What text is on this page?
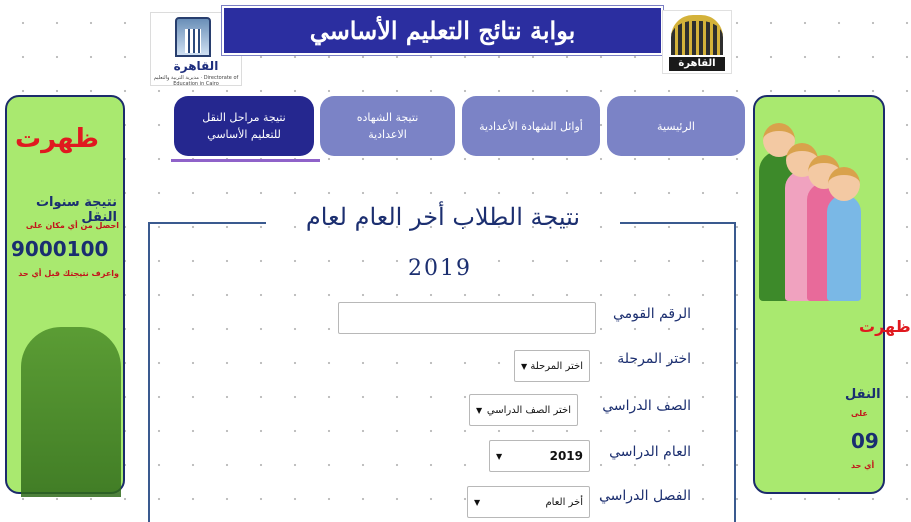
القاهرة
مديرية التربية والتعليم · Directorate of Education in Cairo
بوابة نتائج التعليم الأساسي
القاهرة
ظهرت
نتيجة سنوات النقل
احصل من أي مكان على
9000100
واعرف نتيجتك قبل أي حد
ظهرت
النقل
على
09
أي حد
الرئيسية
أوائل الشهادة الأعدادية
نتيجة الشهاده الاعدادية
نتيجة مراحل النقل للتعليم الأساسي
نتيجة الطلاب أخر العام لعام
2019
الرقم القومي
اختر المرحلة
▼ اختر المرحلة
الصف الدراسي
▼ اختر الصف الدراسي
العام الدراسي
▼	2019
الفصل الدراسي
▼	أخر العام
